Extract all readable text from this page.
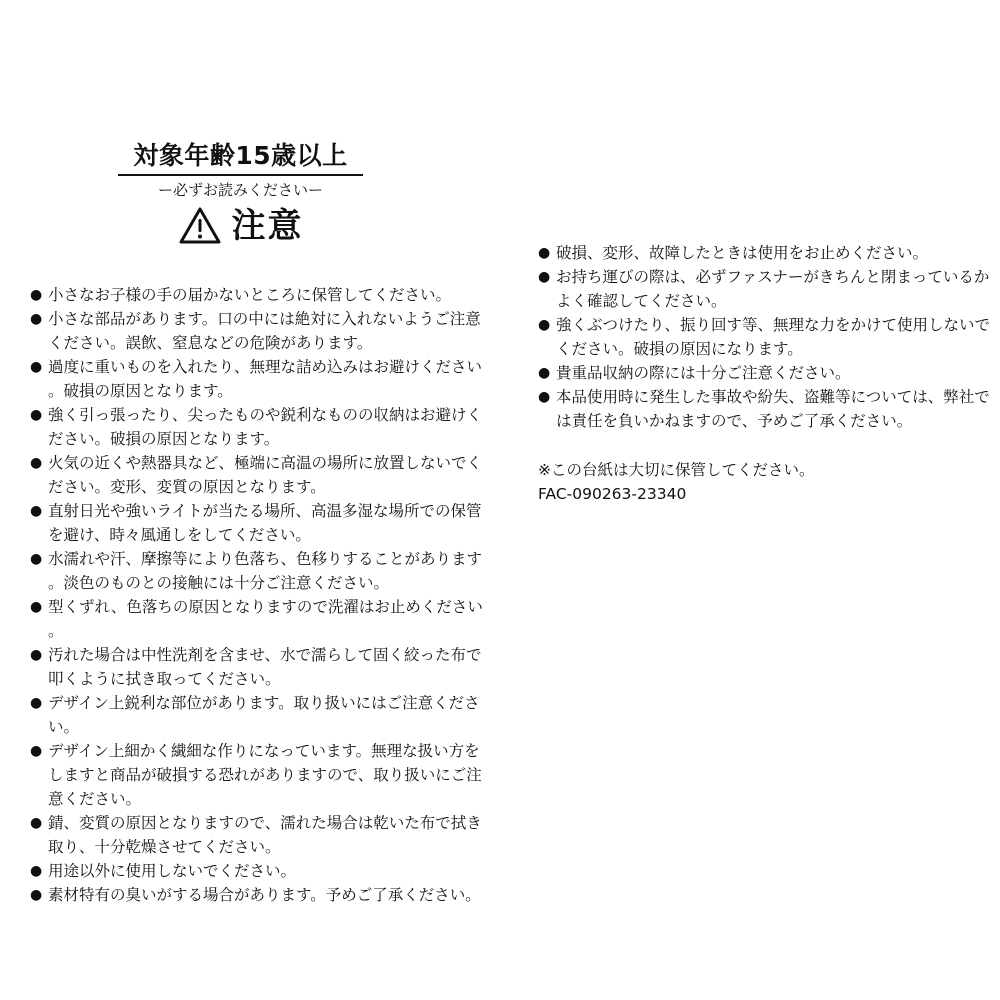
対象年齢15歳以上
ー必ずお読みくださいー
注意
● 小さなお子様の手の届かないところに保管してください。
● 小さな部品があります。口の中には絶対に入れないようご注意ください。誤飲、窒息などの危険があります。
● 過度に重いものを入れたり、無理な詰め込みはお避けください。破損の原因となります。
● 強く引っ張ったり、尖ったものや鋭利なものの収納はお避けください。破損の原因となります。
● 火気の近くや熱器具など、極端に高温の場所に放置しないでください。変形、変質の原因となります。
● 直射日光や強いライトが当たる場所、高温多湿な場所での保管を避け、時々風通しをしてください。
● 水濡れや汗、摩擦等により色落ち、色移りすることがあります。淡色のものとの接触には十分ご注意ください。
● 型くずれ、色落ちの原因となりますので洗濯はお止めください。
● 汚れた場合は中性洗剤を含ませ、水で濡らして固く絞った布で叩くように拭き取ってください。
● デザイン上鋭利な部位があります。取り扱いにはご注意ください。
● デザイン上細かく繊細な作りになっています。無理な扱い方をしますと商品が破損する恐れがありますので、取り扱いにご注意ください。
● 錆、変質の原因となりますので、濡れた場合は乾いた布で拭き取り、十分乾燥させてください。
● 用途以外に使用しないでください。
● 素材特有の臭いがする場合があります。予めご了承ください。
● 破損、変形、故障したときは使用をお止めください。
● お持ち運びの際は、必ずファスナーがきちんと閉まっているかよく確認してください。
● 強くぶつけたり、振り回す等、無理な力をかけて使用しないでください。破損の原因になります。
● 貴重品収納の際には十分ご注意ください。
● 本品使用時に発生した事故や紛失、盗難等については、弊社では責任を負いかねますので、予めご了承ください。
※この台紙は大切に保管してください。
FAC-090263-23340
